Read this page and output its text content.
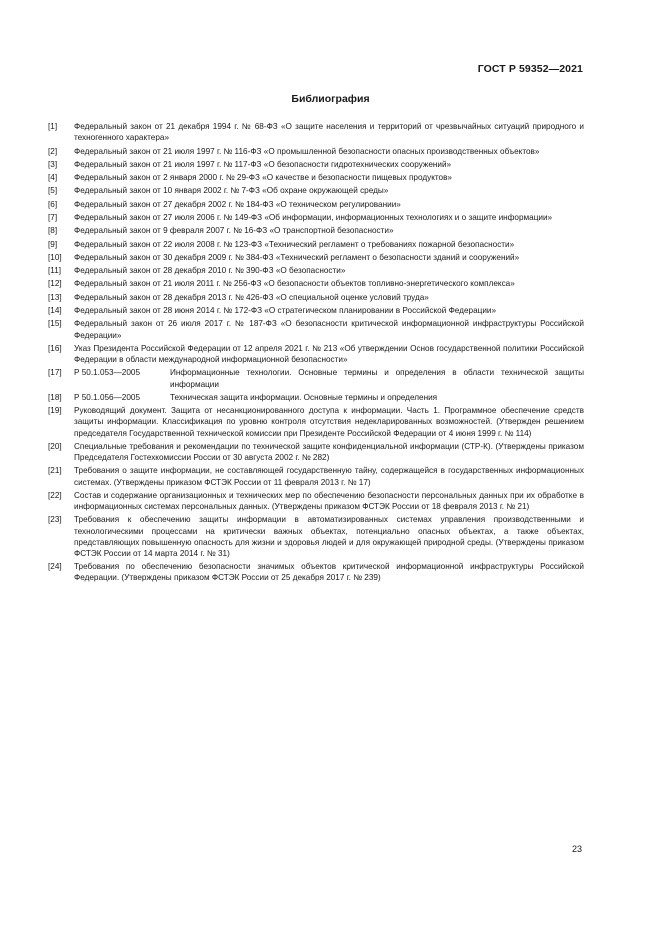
ГОСТ Р 59352—2021
Библиография
[1]	Федеральный закон от 21 декабря 1994 г. № 68-ФЗ «О защите населения и территорий от чрезвычайных ситуаций природного и техногенного характера»
[2]	Федеральный закон от 21 июля 1997 г. № 116-ФЗ «О промышленной безопасности опасных производственных объектов»
[3]	Федеральный закон от 21 июля 1997 г. № 117-ФЗ «О безопасности гидротехнических сооружений»
[4]	Федеральный закон от 2 января 2000 г. № 29-ФЗ «О качестве и безопасности пищевых продуктов»
[5]	Федеральный закон от 10 января 2002 г. № 7-ФЗ «Об охране окружающей среды»
[6]	Федеральный закон от 27 декабря 2002 г. № 184-ФЗ «О техническом регулировании»
[7]	Федеральный закон от 27 июля 2006 г. № 149-ФЗ «Об информации, информационных технологиях и о защите информации»
[8]	Федеральный закон от 9 февраля 2007 г. № 16-ФЗ «О транспортной безопасности»
[9]	Федеральный закон от 22 июля 2008 г. № 123-ФЗ «Технический регламент о требованиях пожарной безопасности»
[10]	Федеральный закон от 30 декабря 2009 г. № 384-ФЗ «Технический регламент о безопасности зданий и сооружений»
[11]	Федеральный закон от 28 декабря 2010 г. № 390-ФЗ «О безопасности»
[12]	Федеральный закон от 21 июля 2011 г. № 256-ФЗ «О безопасности объектов топливно-энергетического комплекса»
[13]	Федеральный закон от 28 декабря 2013 г. № 426-ФЗ «О специальной оценке условий труда»
[14]	Федеральный закон от 28 июня 2014 г. № 172-ФЗ «О стратегическом планировании в Российской Федерации»
[15]	Федеральный закон от 26 июля 2017 г. № 187-ФЗ «О безопасности критической информационной инфраструктуры Российской Федерации»
[16]	Указ Президента Российской Федерации от 12 апреля 2021 г. № 213 «Об утверждении Основ государственной политики Российской Федерации в области международной информационной безопасности»
[17]	Р 50.1.053—2005	Информационные технологии. Основные термины и определения в области технической защиты информации
[18]	Р 50.1.056—2005	Техническая защита информации. Основные термины и определения
[19]	Руководящий документ. Защита от несанкционированного доступа к информации. Часть 1. Программное обеспечение средств защиты информации. Классификация по уровню контроля отсутствия недекларированных возможностей. (Утвержден решением председателя Государственной технической комиссии при Президенте Российской Федерации от 4 июня 1999 г. № 114)
[20]	Специальные требования и рекомендации по технической защите конфиденциальной информации (СТР-К). (Утверждены приказом Председателя Гостехкомиссии России от 30 августа 2002 г. № 282)
[21]	Требования о защите информации, не составляющей государственную тайну, содержащейся в государственных информационных системах. (Утверждены приказом ФСТЭК России от 11 февраля 2013 г. № 17)
[22]	Состав и содержание организационных и технических мер по обеспечению безопасности персональных данных при их обработке в информационных системах персональных данных. (Утверждены приказом ФСТЭК России от 18 февраля 2013 г. № 21)
[23]	Требования к обеспечению защиты информации в автоматизированных системах управления производственными и технологическими процессами на критически важных объектах, потенциально опасных объектах, а также объектах, представляющих повышенную опасность для жизни и здоровья людей и для окружающей природной среды. (Утверждены приказом ФСТЭК России от 14 марта 2014 г. № 31)
[24]	Требования по обеспечению безопасности значимых объектов критической информационной инфраструктуры Российской Федерации. (Утверждены приказом ФСТЭК России от 25 декабря 2017 г. № 239)
23
